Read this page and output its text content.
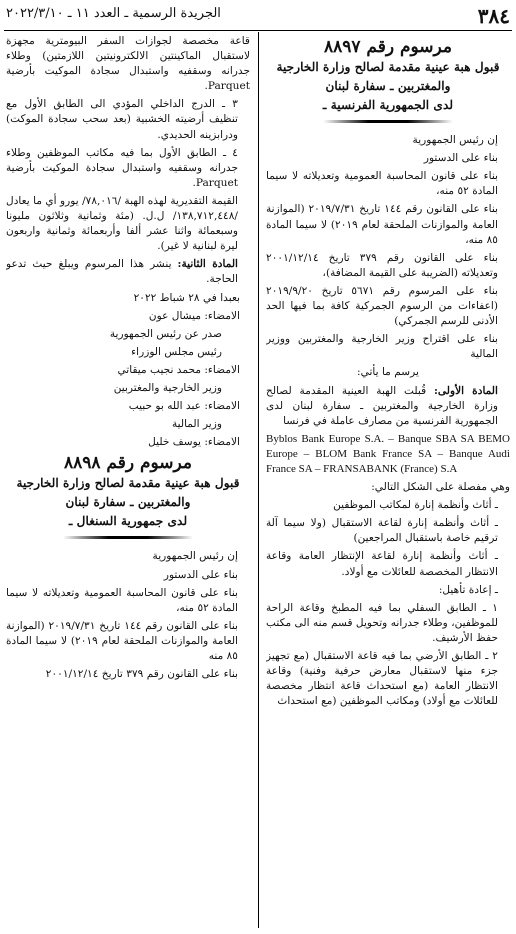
٣٨٤
الجريدة الرسمية ـ العدد ١١ ـ ٢٠٢٢/٣/١٠
مرسوم رقم ٨٨٩٧
قبول هبة عينية مقدمة لصالح وزارة الخارجية
والمغتربين ـ سفارة لبنان
لدى الجمهورية الفرنسية ـ

إن رئيس الجمهورية

بناء على الدستور

بناء على قانون المحاسبة العمومية وتعديلاته لا سيما المادة ٥٢ منه،

بناء على القانون رقم ١٤٤ تاريخ ٢٠١٩/٧/٣١ (الموازنة العامة والموازنات الملحقة لعام ٢٠١٩) لا سيما المادة ٨٥ منه،

بناء على القانون رقم ٣٧٩ تاريخ ٢٠٠١/١٢/١٤ وتعديلاته (الضريبة على القيمة المضافة)،

بناء على المرسوم رقم ٥٦٧١ تاريخ ٢٠١٩/٩/٢٠ (اعفاءات من الرسوم الجمركية كافة بما فيها الحد الأدنى للرسم الجمركي)

بناء على اقتراح وزير الخارجية والمغتربين ووزير المالية

يرسم ما يأتي:

المادة الأولى: قُبلت الهبة العينية المقدمة لصالح وزارة الخارجية والمغتربين ـ سفارة لبنان لدى الجمهورية الفرنسية من مصارف عاملة في فرنسا

Byblos Bank Europe S.A. – Banque SBA SA BEMO Europe – BLOM Bank France SA – Banque Audi France SA – FRANSABANK (France) S.A

وهي مفصلة على الشكل التالي:

ـ أثاث وأنظمة إنارة لمكاتب الموظفين

ـ أثاث وأنظمة إنارة لقاعة الاستقبال (ولا سيما آلة ترقيم خاصة باستقبال المراجعين)

ـ أثاث وأنظمة إنارة لقاعة الإنتظار العامة وقاعة الانتظار المخصصة للعائلات مع أولاد.

ـ إعادة تأهيل:

١ ـ الطابق السفلي بما فيه المطبخ وقاعة الراحة للموظفين، وطلاء جدرانه وتحويل قسم منه الى مكتب حفظ الأرشيف.

٢ ـ الطابق الأرضي بما فيه قاعة الاستقبال (مع تجهيز جزء منها لاستقبال معارض حرفية وفنية) وقاعة الانتظار العامة (مع استحداث قاعة انتظار مخصصة للعائلات مع أولاد) ومكاتب الموظفين (مع استحداث

قاعة مخصصة لجوازات السفر البيومترية مجهزة لاستقبال الماكينتين الالكترونيتين اللازمتين) وطلاء جدرانه وسقفيه واستبدال سجادة الموكيت بأرضية Parquet.

٣ ـ الدرج الداخلي المؤدي الى الطابق الأول مع تنظيف أرضيته الخشبية (بعد سحب سجادة الموكت) ودرابزينه الحديدي.

٤ ـ الطابق الأول بما فيه مكاتب الموظفين وطلاء جدرانه وسقفيه واستبدال سجادة الموكيت بأرضية Parquet.

القيمة التقديرية لهذه الهبة /٧٨,٠١٦/ يورو أي ما يعادل /١٣٨,٧١٢,٤٤٨/ ل.ل. (مئة وثمانية وثلاثون مليونا وسبعمائة واثنا عشر ألفا وأربعمائة وثمانية واربعون ليرة لبنانية لا غير).

المادة الثانية: ينشر هذا المرسوم ويبلغ حيث تدعو الحاجة.

بعبدا في ٢٨ شباط ٢٠٢٢

الامضاء: ميشال عون

صدر عن رئيس الجمهورية

رئيس مجلس الوزراء

الامضاء: محمد نجيب ميقاتي

وزير الخارجية والمغتربين

الامضاء: عبد الله بو حبيب

وزير المالية

الامضاء: يوسف خليل

مرسوم رقم ٨٨٩٨
قبول هبة عينية مقدمة لصالح وزارة الخارجية
والمغتربين ـ سفارة لبنان
لدى جمهورية السنغال ـ

إن رئيس الجمهورية

بناء على الدستور

بناء على قانون المحاسبة العمومية وتعديلاته لا سيما المادة ٥٢ منه،

بناء على القانون رقم ١٤٤ تاريخ ٢٠١٩/٧/٣١ (الموازنة العامة والموازنات الملحقة لعام ٢٠١٩) لا سيما المادة ٨٥ منه

بناء على القانون رقم ٣٧٩ تاريخ ٢٠٠١/١٢/١٤
